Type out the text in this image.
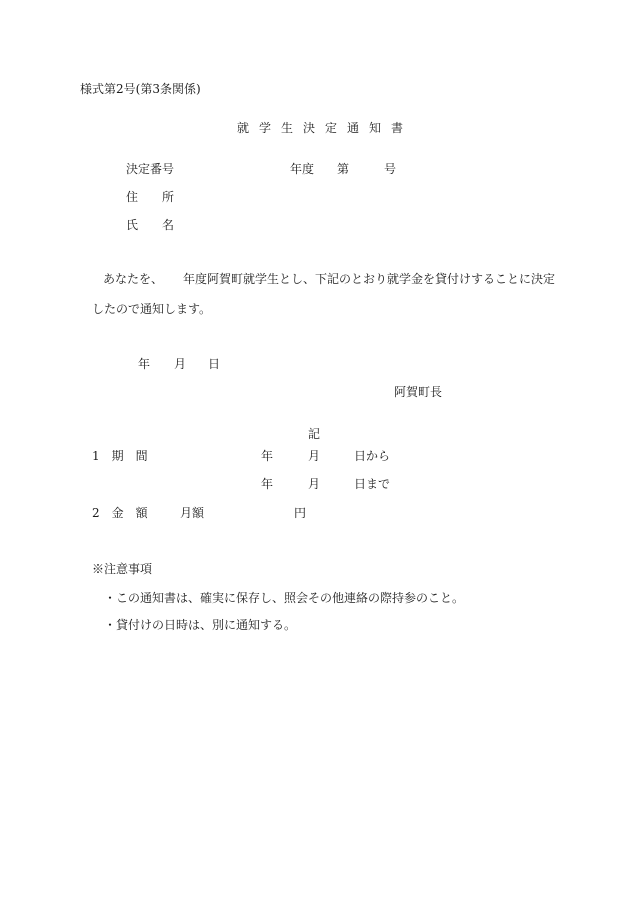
様式第2号(第3条関係)
就 学 生 決 定 通 知 書
決定番号	年度 第	号
住　　所
氏　　名
あなたを、 年度阿賀町就学生とし、下記のとおり就学金を貸付けすることに決定
したので通知します。
年 月 日
阿賀町長
記
1　期　間	年	月	日から
年	月	日まで
2　金　額	月額	円
※注意事項
・この通知書は、確実に保存し、照会その他連絡の際持参のこと。
・貸付けの日時は、別に通知する。
